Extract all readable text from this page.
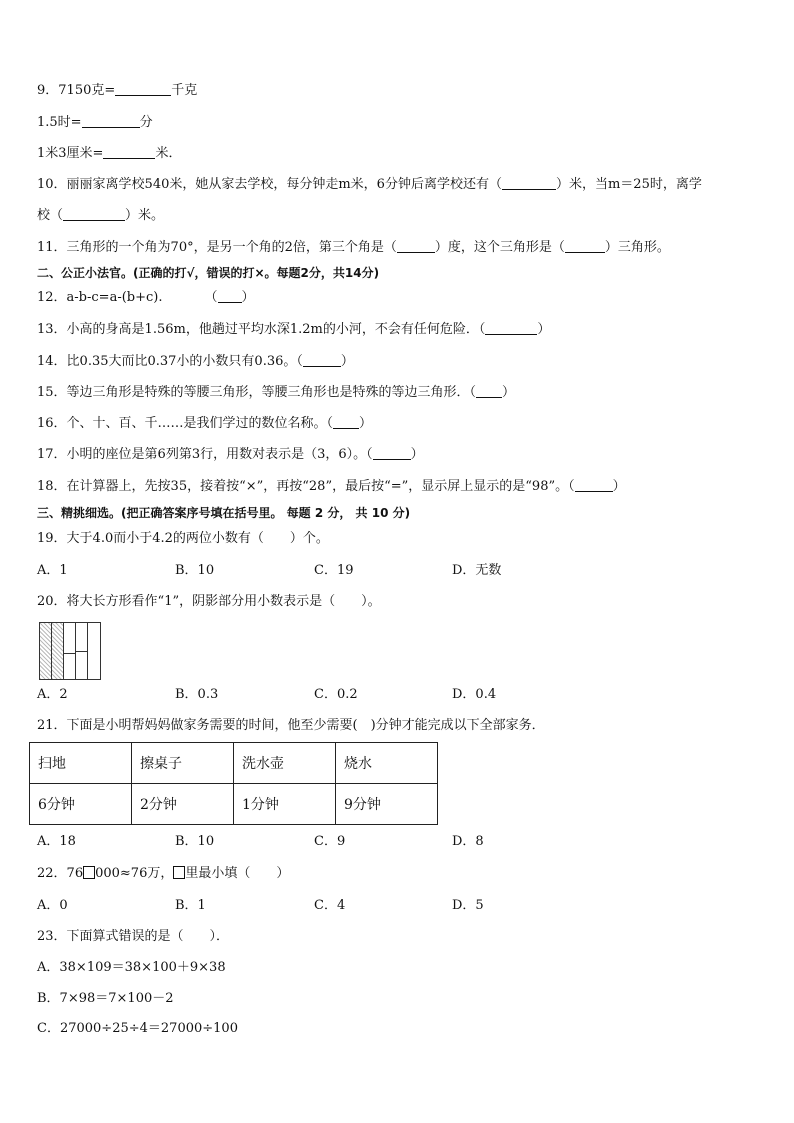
9．7150克=	千克
1.5时=	分
1米3厘米=	米．
10．丽丽家离学校540米，她从家去学校，每分钟走m米，6分钟后离学校还有（	）米，当m＝25时，离学
校（	）米。
11．三角形的一个角为70°，是另一个角的2倍，第三个角是（	）度，这个三角形是（	）三角形。
二、公正小法官。(正确的打√，错误的打×。每题2分，共14分)
12．a-b-c=a-(b+c).	（ ）
13．小高的身高是1.56m，他趟过平均水深1.2m的小河，不会有任何危险．（	）
14．比0.35大而比0.37小的小数只有0.36。（	）
15．等边三角形是特殊的等腰三角形，等腰三角形也是特殊的等边三角形．（ ）
16．个、十、百、千……是我们学过的数位名称。（ ）
17．小明的座位是第6列第3行，用数对表示是（3，6）。（	）
18．在计算器上，先按35，接着按“×”，再按“28”，最后按“=”，显示屏上显示的是“98”。（	）
三、精挑细选。(把正确答案序号填在括号里。 每题 2 分， 共 10 分)
19．大于4.0而小于4.2的两位小数有（　　）个。
A．1	B．10	C．19	D．无数
20．将大长方形看作“1”，阴影部分用小数表示是（　　）。
A．2	B．0.3	C．0.2	D．0.4
21．下面是小明帮妈妈做家务需要的时间，他至少需要(　)分钟才能完成以下全部家务．
扫地	擦桌子	洗水壶	烧水
6分钟	2分钟	1分钟	9分钟
A．18	B．10	C．9	D．8
22．76 000≈76万， 里最小填（　　）
A．0	B．1	C．4	D．5
23．下面算式错误的是（　　）．
A．38×109＝38×100＋9×38
B．7×98＝7×100－2
C．27000÷25÷4＝27000÷100
